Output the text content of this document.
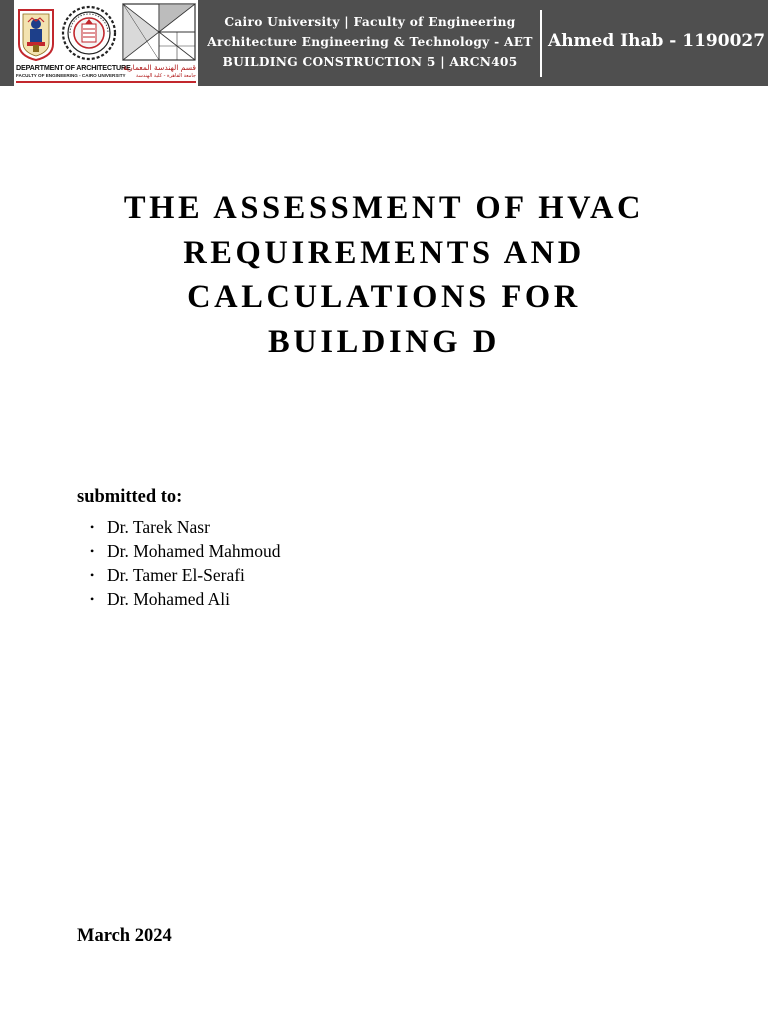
DEPARTMENT OF ARCHITECTURE
FACULTY OF ENGINEERING - CAIRO UNIVERSITY
قسم الهندسة المعمارية
جامعة القاهرة - كلية الهندسة
Cairo University | Faculty of Engineering
Architecture Engineering & Technology - AET
BUILDING CONSTRUCTION 5 | ARCN405
Ahmed Ihab - 1190027
THE ASSESSMENT OF HVAC
REQUIREMENTS AND
CALCULATIONS FOR
BUILDING D
submitted to:
• Dr. Tarek Nasr
• Dr. Mohamed Mahmoud
• Dr. Tamer El-Serafi
• Dr. Mohamed Ali
March 2024
